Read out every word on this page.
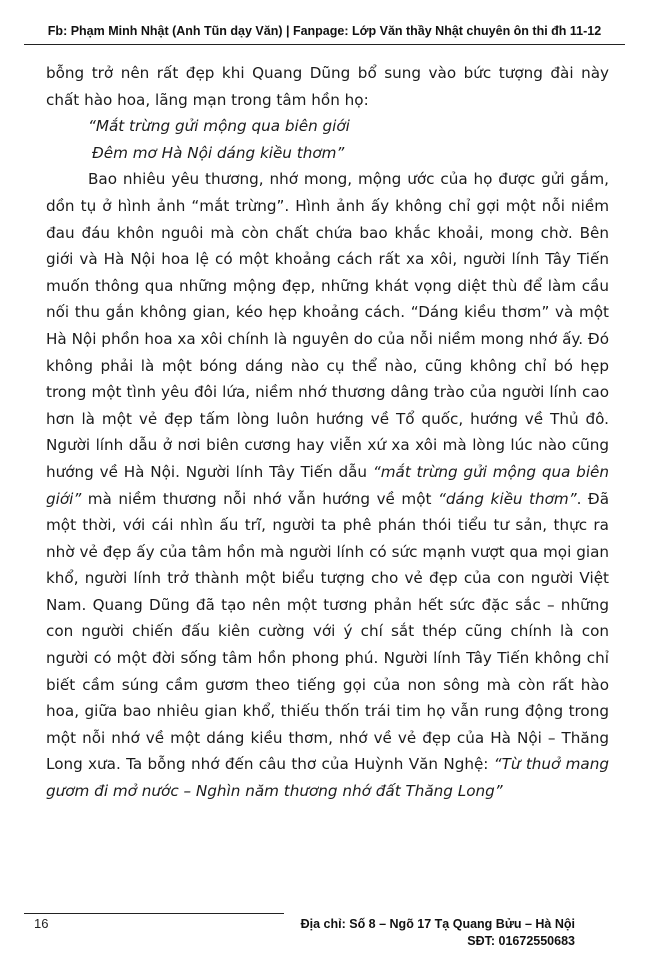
Fb: Phạm Minh Nhật (Anh Tũn dạy Văn) | Fanpage: Lớp Văn thầy Nhật chuyên ôn thi đh 11-12

bỗng trở nên rất đẹp khi Quang Dũng bổ sung vào bức tượng đài này chất hào hoa, lãng mạn trong tâm hồn họ:

“Mắt trừng gửi mộng qua biên giới

Đêm mơ Hà Nội dáng kiều thơm”

Bao nhiêu yêu thương, nhớ mong, mộng ước của họ được gửi gắm, dồn tụ ở hình ảnh “mắt trừng”. Hình ảnh ấy không chỉ gợi một nỗi niềm đau đáu khôn nguôi mà còn chất chứa bao khắc khoải, mong chờ. Bên giới và Hà Nội hoa lệ có một khoảng cách rất xa xôi, người lính Tây Tiến muốn thông qua những mộng đẹp, những khát vọng diệt thù để làm cầu nối thu gắn không gian, kéo hẹp khoảng cách. “Dáng kiều thơm” và một Hà Nội phồn hoa xa xôi chính là nguyên do của nỗi niềm mong nhớ ấy. Đó không phải là một bóng dáng nào cụ thể nào, cũng không chỉ bó hẹp trong một tình yêu đôi lứa, niềm nhớ thương dâng trào của người lính cao hơn là một vẻ đẹp tấm lòng luôn hướng về Tổ quốc, hướng về Thủ đô. Người lính dẫu ở nơi biên cương hay viễn xứ xa xôi mà lòng lúc nào cũng hướng về Hà Nội. Người lính Tây Tiến dẫu “mắt trừng gửi mộng qua biên giới” mà niềm thương nỗi nhớ vẫn hướng về một “dáng kiều thơm”. Đã một thời, với cái nhìn ấu trĩ, người ta phê phán thói tiểu tư sản, thực ra nhờ vẻ đẹp ấy của tâm hồn mà người lính có sức mạnh vượt qua mọi gian khổ, người lính trở thành một biểu tượng cho vẻ đẹp của con người Việt Nam. Quang Dũng đã tạo nên một tương phản hết sức đặc sắc – những con người chiến đấu kiên cường với ý chí sắt thép cũng chính là con người có một đời sống tâm hồn phong phú. Người lính Tây Tiến không chỉ biết cầm súng cầm gươm theo tiếng gọi của non sông mà còn rất hào hoa, giữa bao nhiêu gian khổ, thiếu thốn trái tim họ vẫn rung động trong một nỗi nhớ về một dáng kiều thơm, nhớ về vẻ đẹp của Hà Nội – Thăng Long xưa. Ta bỗng nhớ đến câu thơ của Huỳnh Văn Nghệ: “Từ thuở mang gươm đi mở nước – Nghìn năm thương nhớ đất Thăng Long”

16	Địa chỉ: Số 8 – Ngõ 17 Tạ Quang Bửu – Hà Nội
SĐT: 01672550683
